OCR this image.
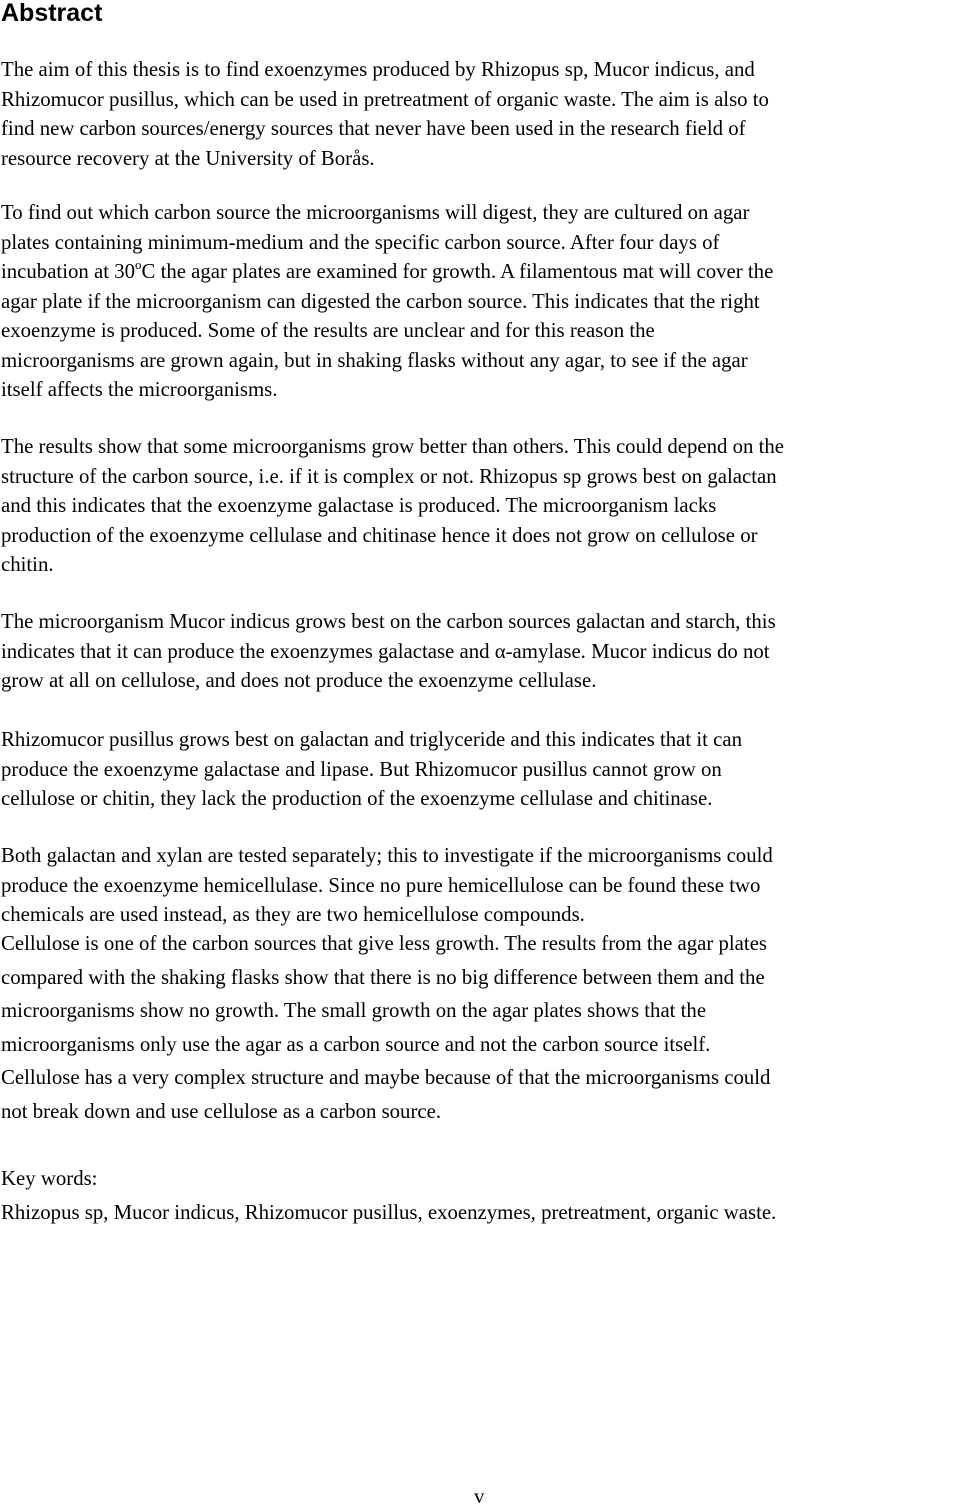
Abstract

The aim of this thesis is to find exoenzymes produced by Rhizopus sp, Mucor indicus, and
Rhizomucor pusillus, which can be used in pretreatment of organic waste. The aim is also to
find new carbon sources/energy sources that never have been used in the research field of
resource recovery at the University of Borås.

To find out which carbon source the microorganisms will digest, they are cultured on agar
plates containing minimum-medium and the specific carbon source. After four days of
incubation at 30$^o$C the agar plates are examined for growth. A filamentous mat will cover the
agar plate if the microorganism can digested the carbon source. This indicates that the right
exoenzyme is produced. Some of the results are unclear and for this reason the
microorganisms are grown again, but in shaking flasks without any agar, to see if the agar
itself affects the microorganisms.

The results show that some microorganisms grow better than others. This could depend on the
structure of the carbon source, i.e. if it is complex or not. Rhizopus sp grows best on galactan
and this indicates that the exoenzyme galactase is produced. The microorganism lacks
production of the exoenzyme cellulase and chitinase hence it does not grow on cellulose or
chitin.

The microorganism Mucor indicus grows best on the carbon sources galactan and starch, this
indicates that it can produce the exoenzymes galactase and α-amylase. Mucor indicus do not
grow at all on cellulose, and does not produce the exoenzyme cellulase.

Rhizomucor pusillus grows best on galactan and triglyceride and this indicates that it can
produce the exoenzyme galactase and lipase. But Rhizomucor pusillus cannot grow on
cellulose or chitin, they lack the production of the exoenzyme cellulase and chitinase.

Both galactan and xylan are tested separately; this to investigate if the microorganisms could
produce the exoenzyme hemicellulase. Since no pure hemicellulose can be found these two
chemicals are used instead, as they are two hemicellulose compounds.

Cellulose is one of the carbon sources that give less growth. The results from the agar plates
compared with the shaking flasks show that there is no big difference between them and the
microorganisms show no growth. The small growth on the agar plates shows that the
microorganisms only use the agar as a carbon source and not the carbon source itself.
Cellulose has a very complex structure and maybe because of that the microorganisms could
not break down and use cellulose as a carbon source.

Key words:
Rhizopus sp, Mucor indicus, Rhizomucor pusillus, exoenzymes, pretreatment, organic waste.

v
